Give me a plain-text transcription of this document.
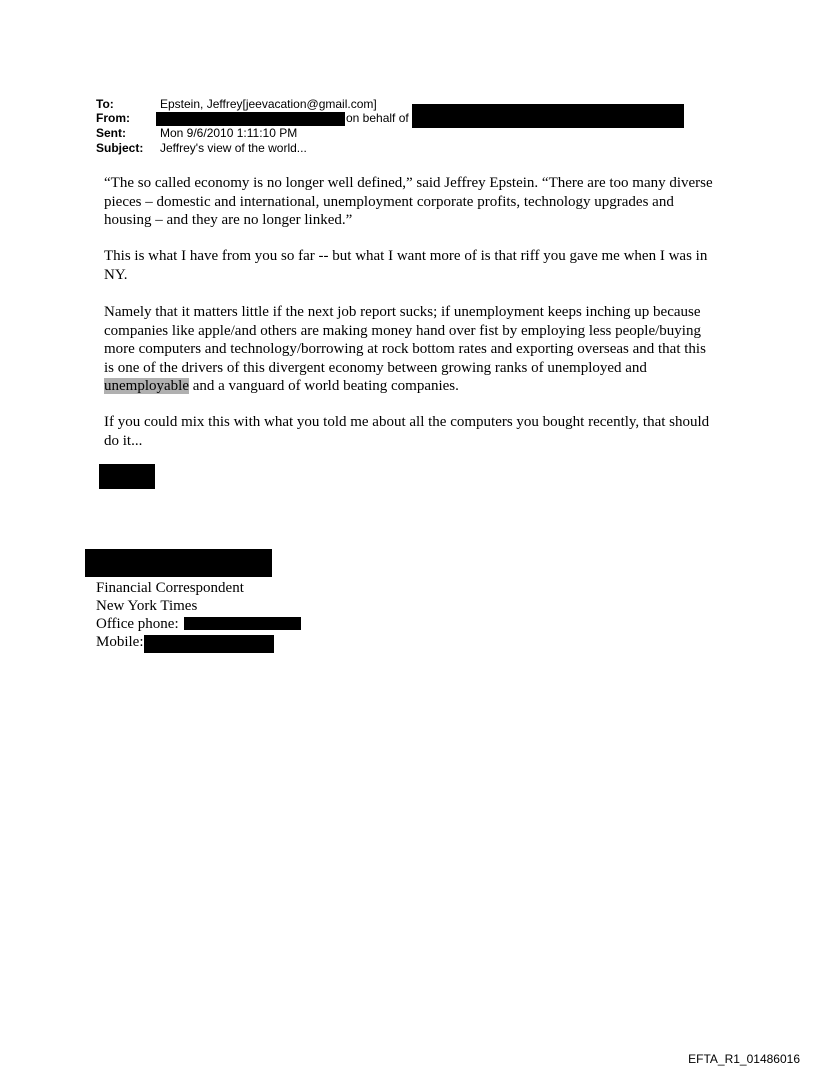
To:	Epstein, Jeffrey[jeevacation@gmail.com]
From:	on behalf of
Sent:	Mon 9/6/2010 1:11:10 PM
Subject: Jeffrey's view of the world...

“The so called economy is no longer well defined,” said Jeffrey Epstein. “There are too many diverse pieces – domestic and international, unemployment corporate profits, technology upgrades and housing – and they are no longer linked.”

This is what I have from you so far -- but what I want more of is that riff you gave me when I was in NY.

Namely that it matters little if the next job report sucks; if unemployment keeps inching up because companies like apple/and others are making money hand over fist by employing less people/buying more computers and technology/borrowing at rock bottom rates and exporting overseas and that this is one of the drivers of this divergent economy between growing ranks of unemployed and unemployable and a vanguard of world beating companies.

If you could mix this with what you told me about all the computers you bought recently, that should do it...

Financial Correspondent
New York Times
Office phone:
Mobile:
EFTA_R1_01486016
